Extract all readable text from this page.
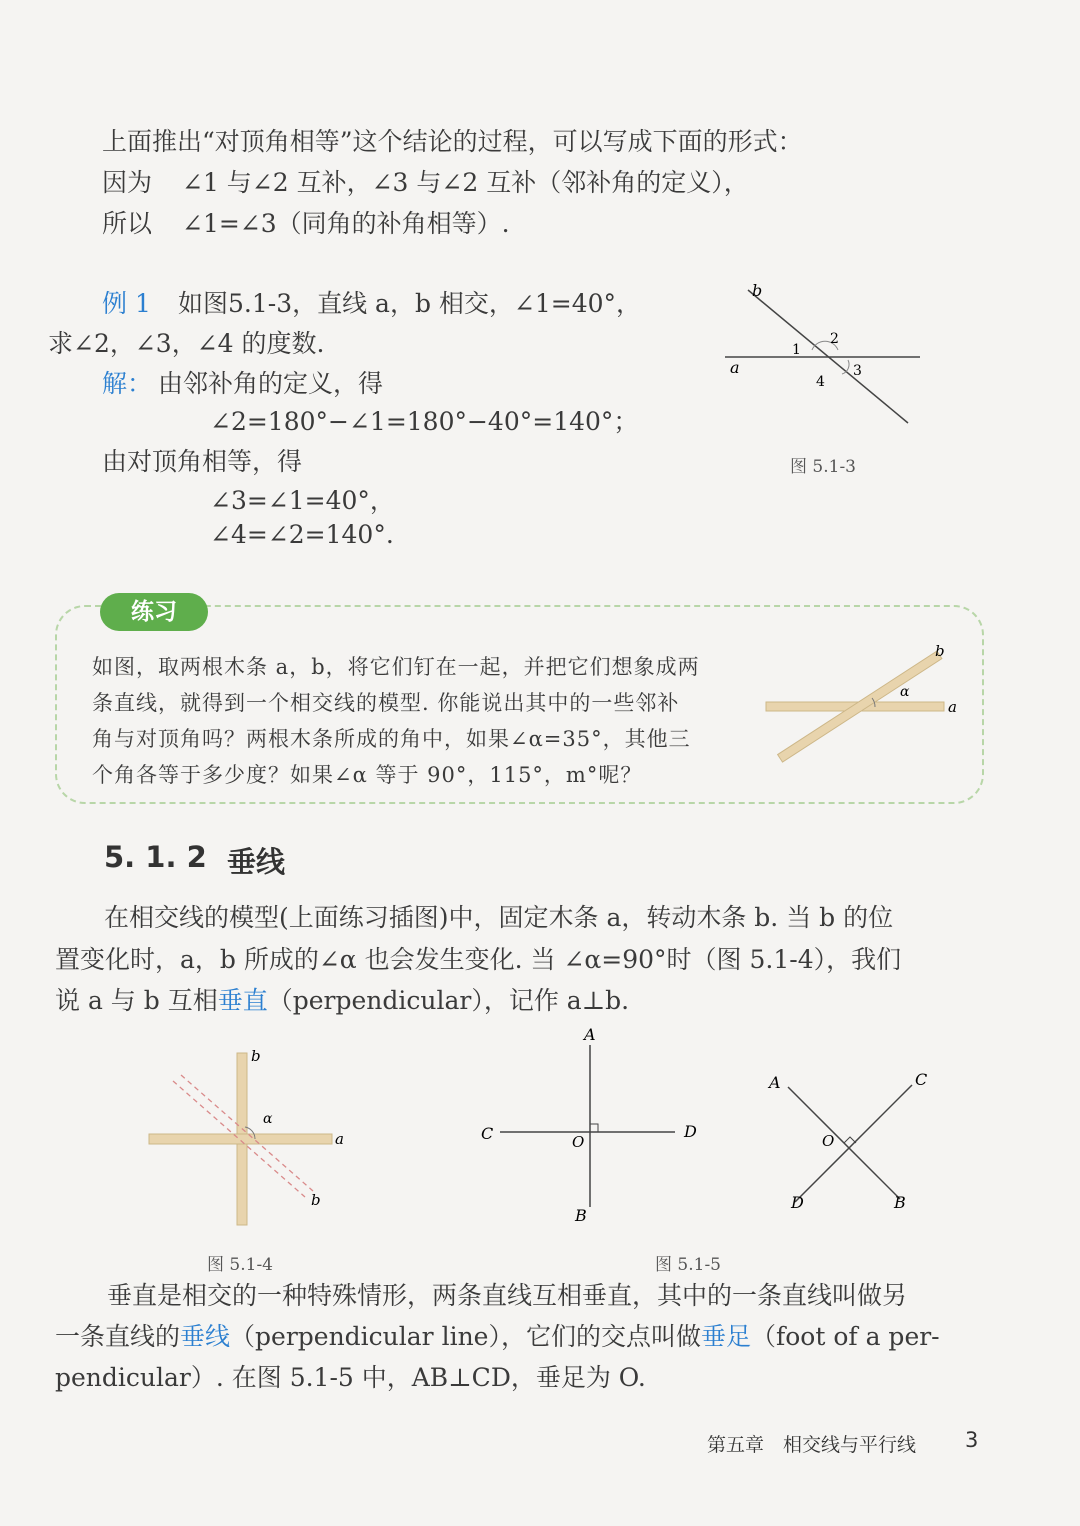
上面推出“对顶角相等”这个结论的过程，可以写成下面的形式：
因为 ∠1 与∠2 互补，∠3 与∠2 互补（邻补角的定义），
所以 ∠1=∠3（同角的补角相等）.
例 1 如图5.1-3，直线 a，b 相交，∠1=40°，
求∠2，∠3，∠4 的度数.
解： 由邻补角的定义，得
∠2=180°−∠1=180°−40°=140°；
由对顶角相等，得
∠3=∠1=40°，
∠4=∠2=140°.
b
a
1
2
3
4
图 5.1-3
练习
如图，取两根木条 a，b，将它们钉在一起，并把它们想象成两
条直线，就得到一个相交线的模型. 你能说出其中的一些邻补
角与对顶角吗？两根木条所成的角中，如果∠α=35°，其他三
个角各等于多少度？如果∠α 等于 90°，115°，m°呢？
b
a
α
5. 1. 2 垂线
在相交线的模型(上面练习插图)中，固定木条 a，转动木条 b. 当 b 的位
置变化时，a，b 所成的∠α 也会发生变化. 当 ∠α=90°时（图 5.1-4），我们
说 a 与 b 互相垂直（perpendicular），记作 a⊥b.
b
a
α
b
图 5.1-4
A
B
C	D
O
A	C
O
D	B
图 5.1-5
垂直是相交的一种特殊情形，两条直线互相垂直，其中的一条直线叫做另
一条直线的垂线（perpendicular line），它们的交点叫做垂足（foot of a per-
pendicular）. 在图 5.1-5 中，AB⊥CD，垂足为 O.
第五章　相交线与平行线 3
